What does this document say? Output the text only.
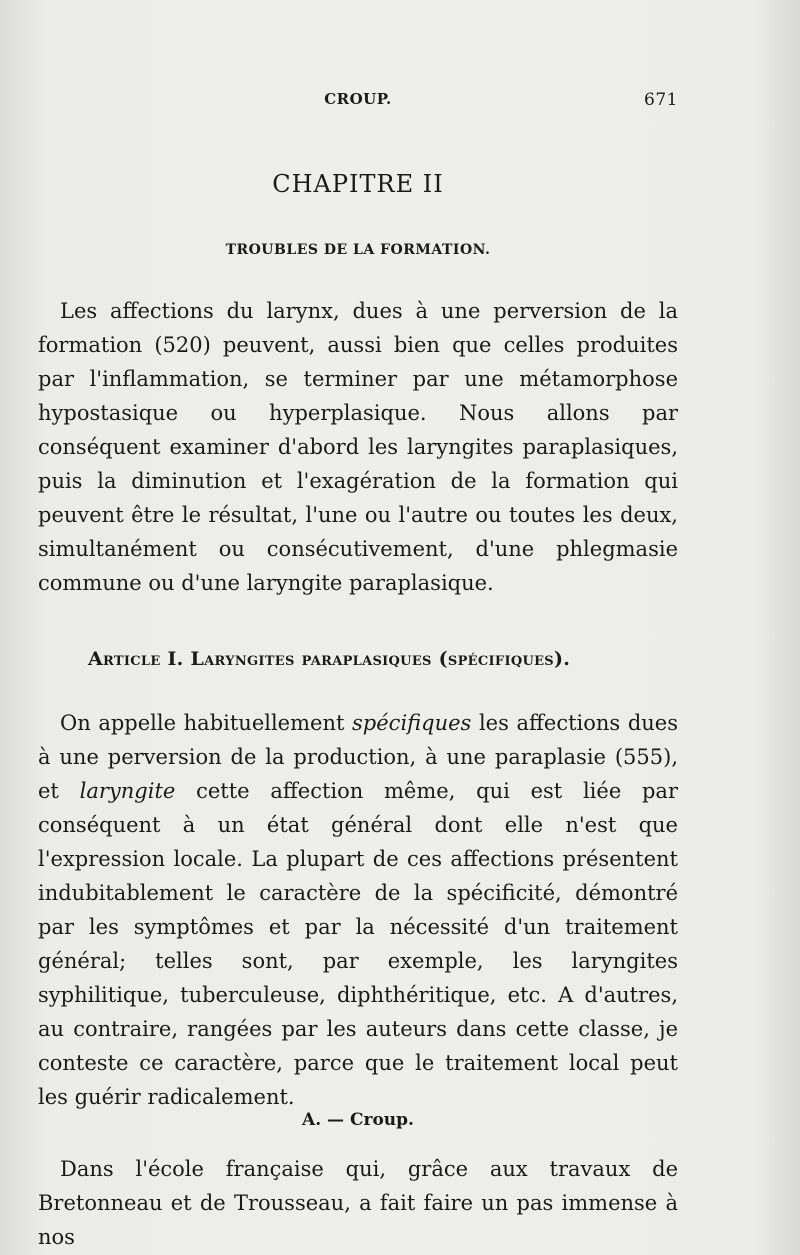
CROUP.	671
CHAPITRE II
TROUBLES DE LA FORMATION.

Les affections du larynx, dues à une perversion de la formation (520) peuvent, aussi bien que celles produites par l'inflammation, se terminer par une métamorphose hypostasique ou hyperplasique. Nous allons par conséquent examiner d'abord les laryngites paraplasiques, puis la diminution et l'exagération de la formation qui peuvent être le résultat, l'une ou l'autre ou toutes les deux, simultanément ou consécutivement, d'une phlegmasie commune ou d'une laryngite paraplasique.

Article I. Laryngites paraplasiques (spécifiques).

On appelle habituellement spécifiques les affections dues à une perversion de la production, à une paraplasie (555), et laryngite cette affection même, qui est liée par conséquent à un état général dont elle n'est que l'expression locale. La plupart de ces affections présentent indubitablement le caractère de la spécificité, démontré par les symptômes et par la nécessité d'un traitement général; telles sont, par exemple, les laryngites syphilitique, tuberculeuse, diphthéritique, etc. A d'autres, au contraire, rangées par les auteurs dans cette classe, je conteste ce caractère, parce que le traitement local peut les guérir radicalement.

A. — Croup.

Dans l'école française qui, grâce aux travaux de Bretonneau et de Trousseau, a fait faire un pas immense à nos
